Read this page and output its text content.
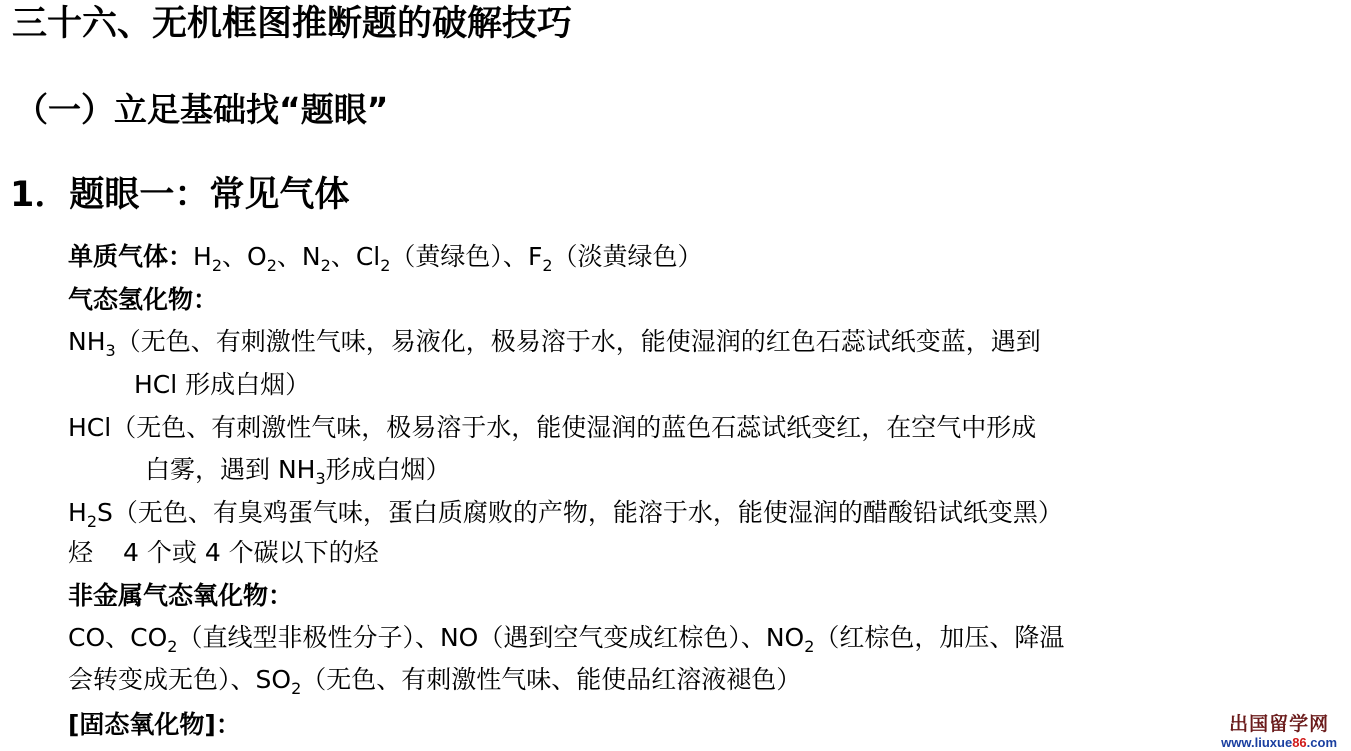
三十六、无机框图推断题的破解技巧
（一）立足基础找“题眼”
1．题眼一：常见气体
单质气体：$H_2$、$O_2$、$N_2$、$Cl_2$（黄绿色）、$F_2$（淡黄绿色）
气态氢化物：
$NH_3$（无色、有刺激性气味，易液化，极易溶于水，能使湿润的红色石蕊试纸变蓝，遇到
HCl 形成白烟）
HCl（无色、有刺激性气味，极易溶于水，能使湿润的蓝色石蕊试纸变红，在空气中形成
白雾，遇到 $NH_3$形成白烟）
$H_2S$（无色、有臭鸡蛋气味，蛋白质腐败的产物，能溶于水，能使湿润的醋酸铅试纸变黑）
烃 4 个或 4 个碳以下的烃
非金属气态氧化物：
CO、$CO_2$（直线型非极性分子）、NO（遇到空气变成红棕色）、$NO_2$（红棕色，加压、降温
会转变成无色）、$SO_2$（无色、有刺激性气味、能使品红溶液褪色）
[固态氧化物]：	出国留学网
www.liuxue86.com
